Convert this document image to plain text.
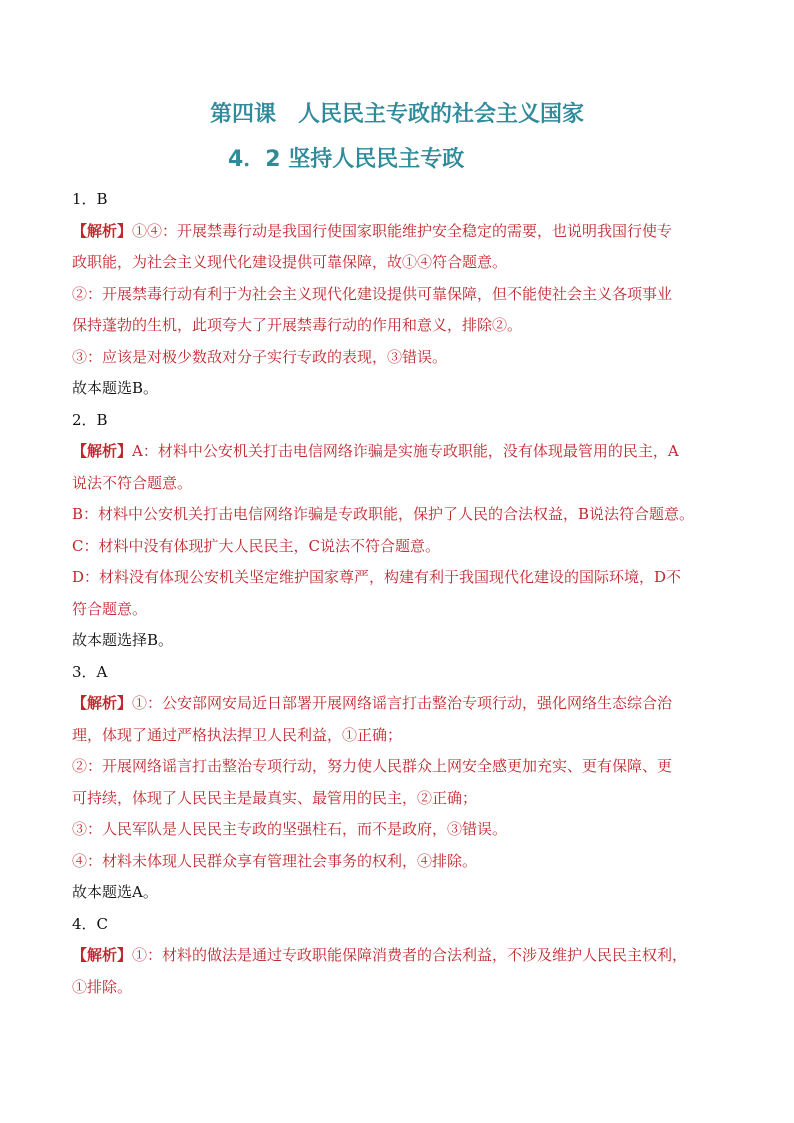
第四课　人民民主专政的社会主义国家
4．2 坚持人民民主专政
1．B
【解析】①④：开展禁毒行动是我国行使国家职能维护安全稳定的需要，也说明我国行使专
政职能，为社会主义现代化建设提供可靠保障，故①④符合题意。
②：开展禁毒行动有利于为社会主义现代化建设提供可靠保障，但不能使社会主义各项事业
保持蓬勃的生机，此项夸大了开展禁毒行动的作用和意义，排除②。
③：应该是对极少数敌对分子实行专政的表现，③错误。
故本题选B。
2．B
【解析】A：材料中公安机关打击电信网络诈骗是实施专政职能，没有体现最管用的民主，A
说法不符合题意。
B：材料中公安机关打击电信网络诈骗是专政职能，保护了人民的合法权益，B说法符合题意。
C：材料中没有体现扩大人民民主，C说法不符合题意。
D：材料没有体现公安机关坚定维护国家尊严，构建有利于我国现代化建设的国际环境，D不
符合题意。
故本题选择B。
3．A
【解析】①：公安部网安局近日部署开展网络谣言打击整治专项行动，强化网络生态综合治
理，体现了通过严格执法捍卫人民利益，①正确；
②：开展网络谣言打击整治专项行动，努力使人民群众上网安全感更加充实、更有保障、更
可持续，体现了人民民主是最真实、最管用的民主，②正确；
③：人民军队是人民民主专政的坚强柱石，而不是政府，③错误。
④：材料未体现人民群众享有管理社会事务的权利，④排除。
故本题选A。
4．C
【解析】①：材料的做法是通过专政职能保障消费者的合法利益，不涉及维护人民民主权利，
①排除。
